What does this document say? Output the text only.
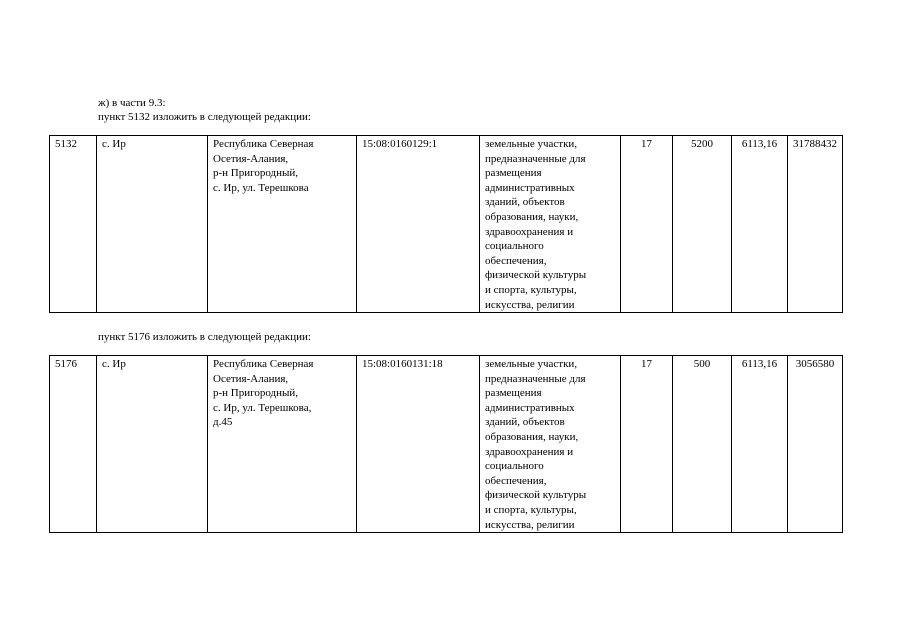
ж) в части 9.3:
пункт 5132 изложить в следующей редакции:
5132	с. Ир	Республика Северная
Осетия-Алания,
р-н Пригородный,
с. Ир, ул. Терешкова
	15:08:0160129:1	земельные участки,
предназначенные для
размещения
административных
зданий, объектов
образования, науки,
здравоохранения и
социального
обеспечения,
физической культуры
и спорта, культуры,
искусства, религии
	17	5200	6113,16	31788432
пункт 5176 изложить в следующей редакции:
5176	с. Ир	Республика Северная
Осетия-Алания,
р-н Пригородный,
с. Ир, ул. Терешкова,
д.45
	15:08:0160131:18	земельные участки,
предназначенные для
размещения
административных
зданий, объектов
образования, науки,
здравоохранения и
социального
обеспечения,
физической культуры
и спорта, культуры,
искусства, религии
	17	500	6113,16	3056580
